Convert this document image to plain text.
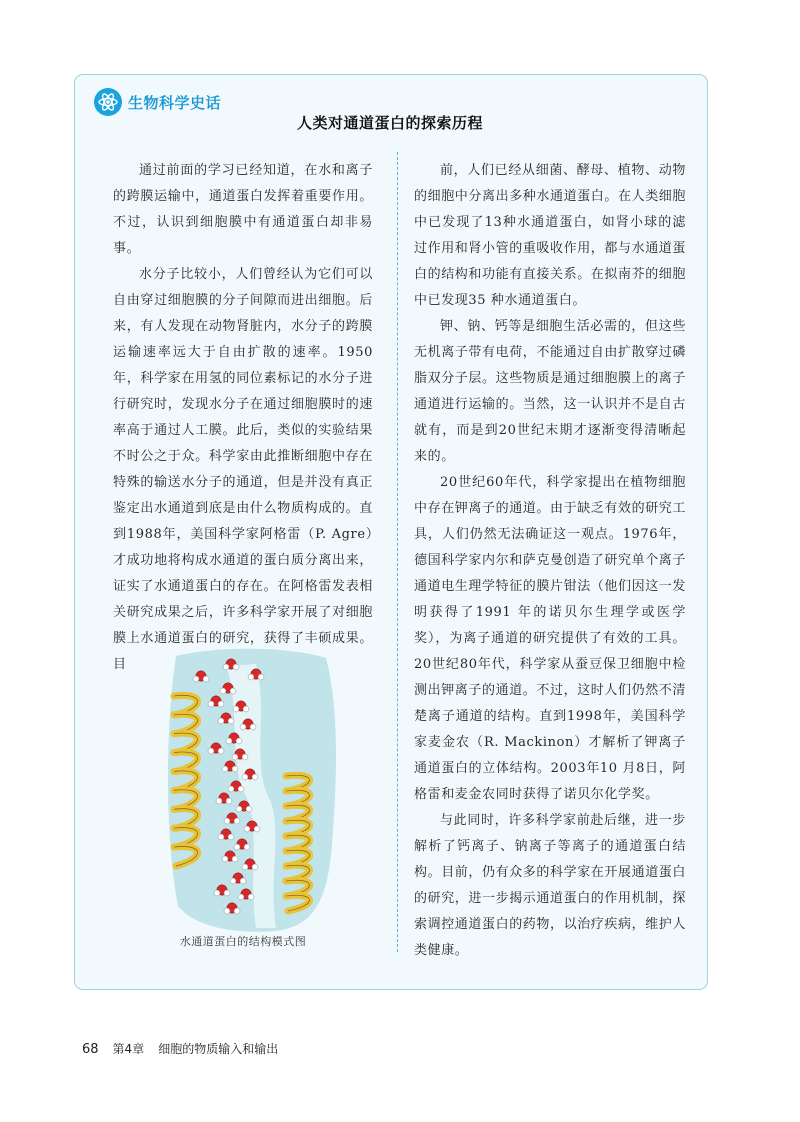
生物科学史话
人类对通道蛋白的探索历程

通过前面的学习已经知道，在水和离子的跨膜运输中，通道蛋白发挥着重要作用。不过，认识到细胞膜中有通道蛋白却非易事。

水分子比较小，人们曾经认为它们可以自由穿过细胞膜的分子间隙而进出细胞。后来，有人发现在动物肾脏内，水分子的跨膜运输速率远大于自由扩散的速率。1950年，科学家在用氢的同位素标记的水分子进行研究时，发现水分子在通过细胞膜时的速率高于通过人工膜。此后，类似的实验结果不时公之于众。科学家由此推断细胞中存在特殊的输送水分子的通道，但是并没有真正鉴定出水通道到底是由什么物质构成的。直到1988年，美国科学家阿格雷（P. Agre）才成功地将构成水通道的蛋白质分离出来，证实了水通道蛋白的存在。在阿格雷发表相关研究成果之后，许多科学家开展了对细胞膜上水通道蛋白的研究，获得了丰硕成果。目

前，人们已经从细菌、酵母、植物、动物的细胞中分离出多种水通道蛋白。在人类细胞中已发现了13种水通道蛋白，如肾小球的滤过作用和肾小管的重吸收作用，都与水通道蛋白的结构和功能有直接关系。在拟南芥的细胞中已发现35 种水通道蛋白。

钾、钠、钙等是细胞生活必需的，但这些无机离子带有电荷，不能通过自由扩散穿过磷脂双分子层。这些物质是通过细胞膜上的离子通道进行运输的。当然，这一认识并不是自古就有，而是到20世纪末期才逐渐变得清晰起来的。

20世纪60年代，科学家提出在植物细胞中存在钾离子的通道。由于缺乏有效的研究工具，人们仍然无法确证这一观点。1976年，德国科学家内尔和萨克曼创造了研究单个离子通道电生理学特征的膜片钳法（他们因这一发明获得了1991 年的诺贝尔生理学或医学奖），为离子通道的研究提供了有效的工具。20世纪80年代，科学家从蚕豆保卫细胞中检测出钾离子的通道。不过，这时人们仍然不清楚离子通道的结构。直到1998年，美国科学家麦金农（R. Mackinon）才解析了钾离子通道蛋白的立体结构。2003年10 月8日，阿格雷和麦金农同时获得了诺贝尔化学奖。

与此同时，许多科学家前赴后继，进一步解析了钙离子、钠离子等离子的通道蛋白结构。目前，仍有众多的科学家在开展通道蛋白的研究，进一步揭示通道蛋白的作用机制，探索调控通道蛋白的药物，以治疗疾病，维护人类健康。

水通道蛋白的结构模式图
68 第4章 细胞的物质输入和输出
